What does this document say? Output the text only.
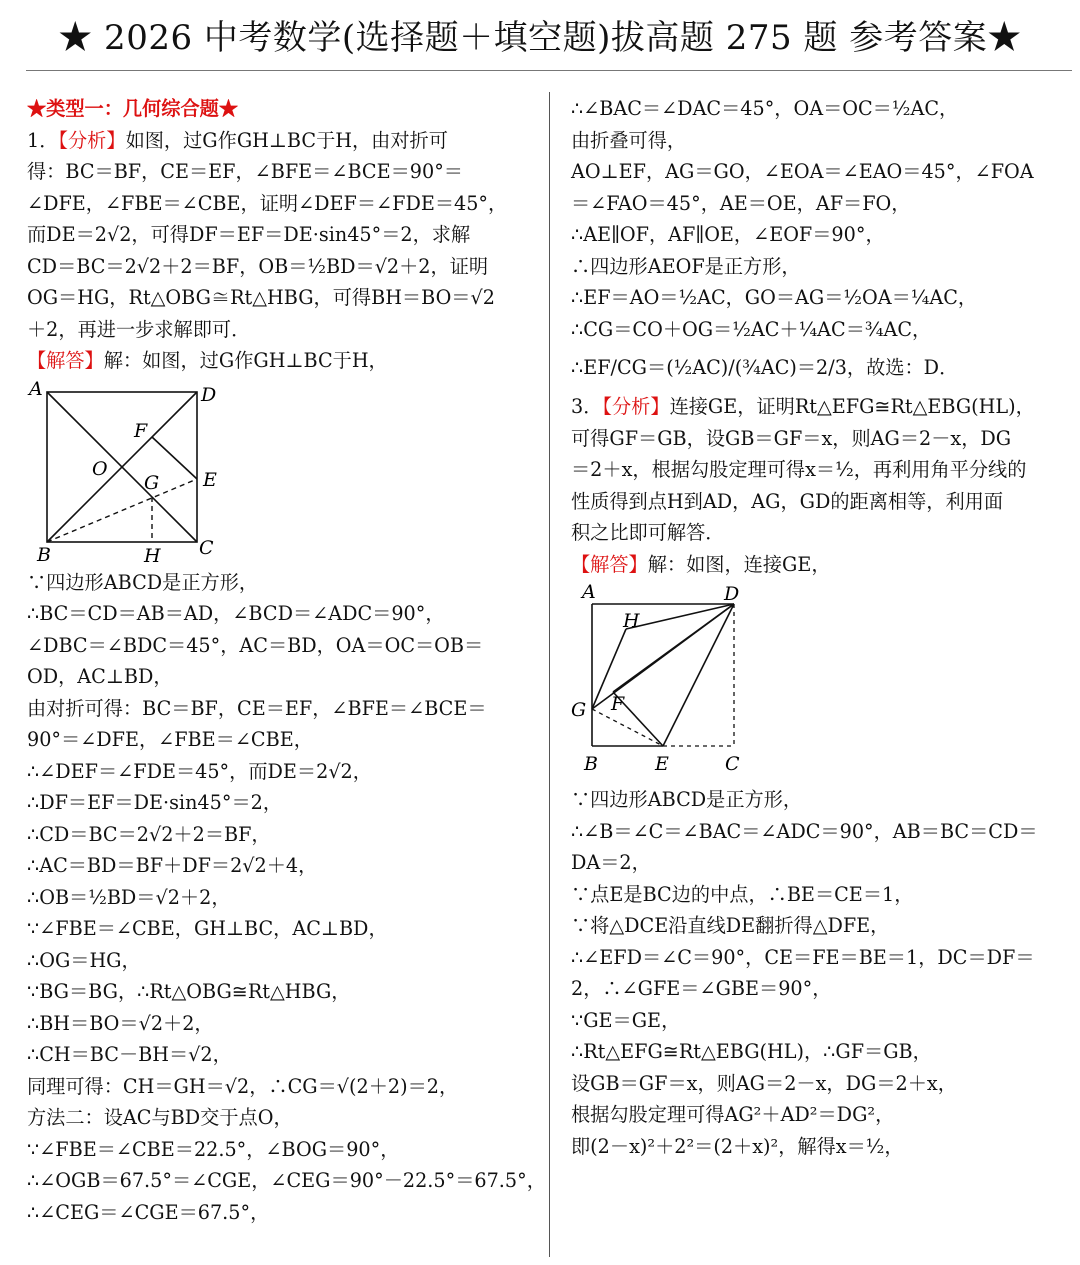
★ 2026 中考数学(选择题＋填空题)拔高题 275 题 参考答案★
★类型一：几何综合题★
1．【分析】如图，过G作GH⊥BC于H，由对折可
得：BC＝BF，CE＝EF，∠BFE＝∠BCE＝90°＝
∠DFE，∠FBE＝∠CBE，证明∠DEF＝∠FDE＝45°，
而DE＝2√2，可得DF＝EF＝DE·sin45°＝2，求解
CD＝BC＝2√2＋2＝BF，OB＝½BD＝√2＋2，证明
OG＝HG，Rt△OBG≅Rt△HBG，可得BH＝BO＝√2
＋2，再进一步求解即可．
【解答】解：如图，过G作GH⊥BC于H，
A	D
F
O
G E
B	H C
∵四边形ABCD是正方形，
∴BC＝CD＝AB＝AD，∠BCD＝∠ADC＝90°，
∠DBC＝∠BDC＝45°，AC＝BD，OA＝OC＝OB＝
OD，AC⊥BD，
由对折可得：BC＝BF，CE＝EF，∠BFE＝∠BCE＝
90°＝∠DFE，∠FBE＝∠CBE，
∴∠DEF＝∠FDE＝45°，而DE＝2√2，
∴DF＝EF＝DE·sin45°＝2，
∴CD＝BC＝2√2＋2＝BF，
∴AC＝BD＝BF＋DF＝2√2＋4，
∴OB＝½BD＝√2＋2，
∵∠FBE＝∠CBE，GH⊥BC，AC⊥BD，
∴OG＝HG，
∵BG＝BG，∴Rt△OBG≅Rt△HBG，
∴BH＝BO＝√2＋2，
∴CH＝BC－BH＝√2，
同理可得：CH＝GH＝√2，∴CG＝√(2＋2)＝2，
方法二：设AC与BD交于点O，
∵∠FBE＝∠CBE＝22.5°，∠BOG＝90°，
∴∠OGB＝67.5°＝∠CGE，∠CEG＝90°－22.5°＝67.5°，
∴∠CEG＝∠CGE＝67.5°，
∴∠BAC＝∠DAC＝45°，OA＝OC＝½AC，
由折叠可得，
AO⊥EF，AG＝GO，∠EOA＝∠EAO＝45°，∠FOA
＝∠FAO＝45°，AE＝OE，AF＝FO，
∴AE∥OF，AF∥OE，∠EOF＝90°，
∴四边形AEOF是正方形，
∴EF＝AO＝½AC，GO＝AG＝½OA＝¼AC，
∴CG＝CO＋OG＝½AC＋¼AC＝¾AC，
∴EF/CG＝(½AC)/(¾AC)＝2/3，故选：D．
3．【分析】连接GE，证明Rt△EFG≅Rt△EBG(HL)，
可得GF＝GB，设GB＝GF＝x，则AG＝2－x，DG
＝2＋x，根据勾股定理可得x＝½，再利用角平分线的
性质得到点H到AD，AG，GD的距离相等，利用面
积之比即可解答．
【解答】解：如图，连接GE，
A	D
H
G F
B	E	C
∵四边形ABCD是正方形，
∴∠B＝∠C＝∠BAC＝∠ADC＝90°，AB＝BC＝CD＝
DA＝2，
∵点E是BC边的中点，∴BE＝CE＝1，
∵将△DCE沿直线DE翻折得△DFE，
∴∠EFD＝∠C＝90°，CE＝FE＝BE＝1，DC＝DF＝
2，∴∠GFE＝∠GBE＝90°，
∵GE＝GE，
∴Rt△EFG≅Rt△EBG(HL)，∴GF＝GB，
设GB＝GF＝x，则AG＝2－x，DG＝2＋x，
根据勾股定理可得AG²＋AD²＝DG²，
即(2－x)²＋2²＝(2＋x)²，解得x＝½，
